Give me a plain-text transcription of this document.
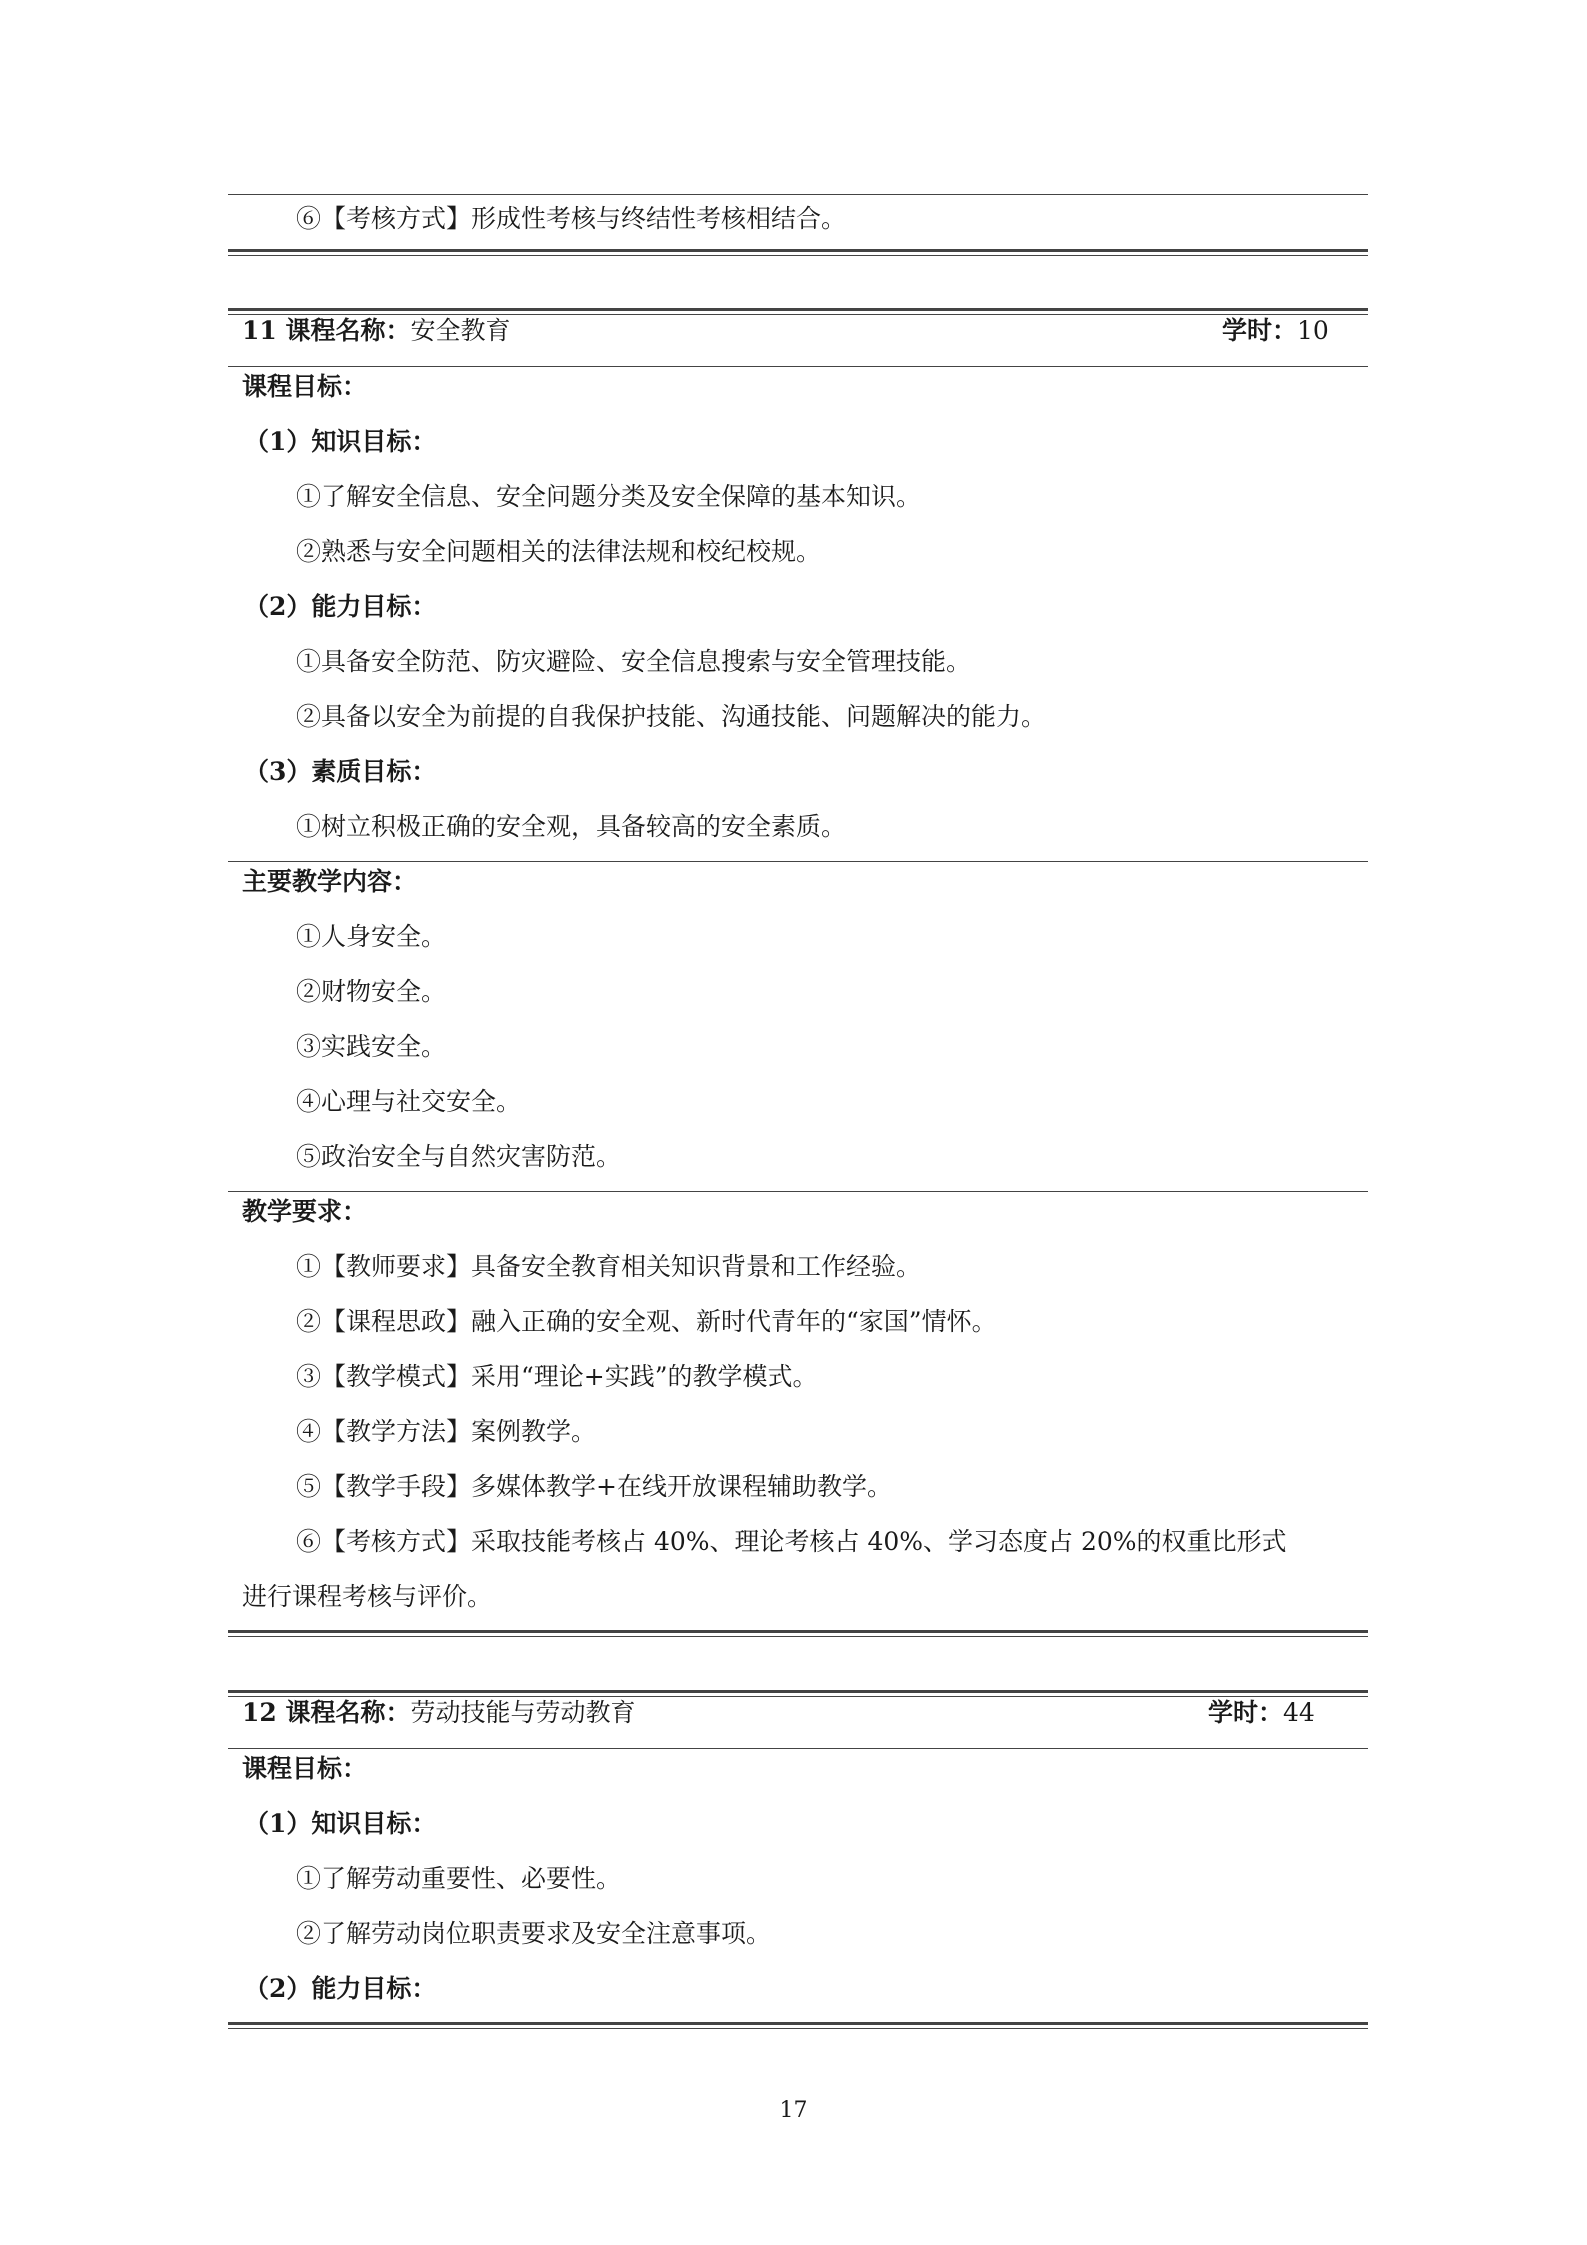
⑥【考核方式】形成性考核与终结性考核相结合。
11 课程名称：安全教育	学时：10
课程目标：
（1）知识目标：
①了解安全信息、安全问题分类及安全保障的基本知识。
②熟悉与安全问题相关的法律法规和校纪校规。
（2）能力目标：
①具备安全防范、防灾避险、安全信息搜索与安全管理技能。
②具备以安全为前提的自我保护技能、沟通技能、问题解决的能力。
（3）素质目标：
①树立积极正确的安全观，具备较高的安全素质。
主要教学内容：
①人身安全。
②财物安全。
③实践安全。
④心理与社交安全。
⑤政治安全与自然灾害防范。
教学要求：
①【教师要求】具备安全教育相关知识背景和工作经验。
②【课程思政】融入正确的安全观、新时代青年的“家国”情怀。
③【教学模式】采用“理论+实践”的教学模式。
④【教学方法】案例教学。
⑤【教学手段】多媒体教学+在线开放课程辅助教学。
⑥【考核方式】采取技能考核占 40%、理论考核占 40%、学习态度占 20%的权重比形式
进行课程考核与评价。
12 课程名称：劳动技能与劳动教育	学时：44
课程目标：
（1）知识目标：
①了解劳动重要性、必要性。
②了解劳动岗位职责要求及安全注意事项。
（2）能力目标：
17
